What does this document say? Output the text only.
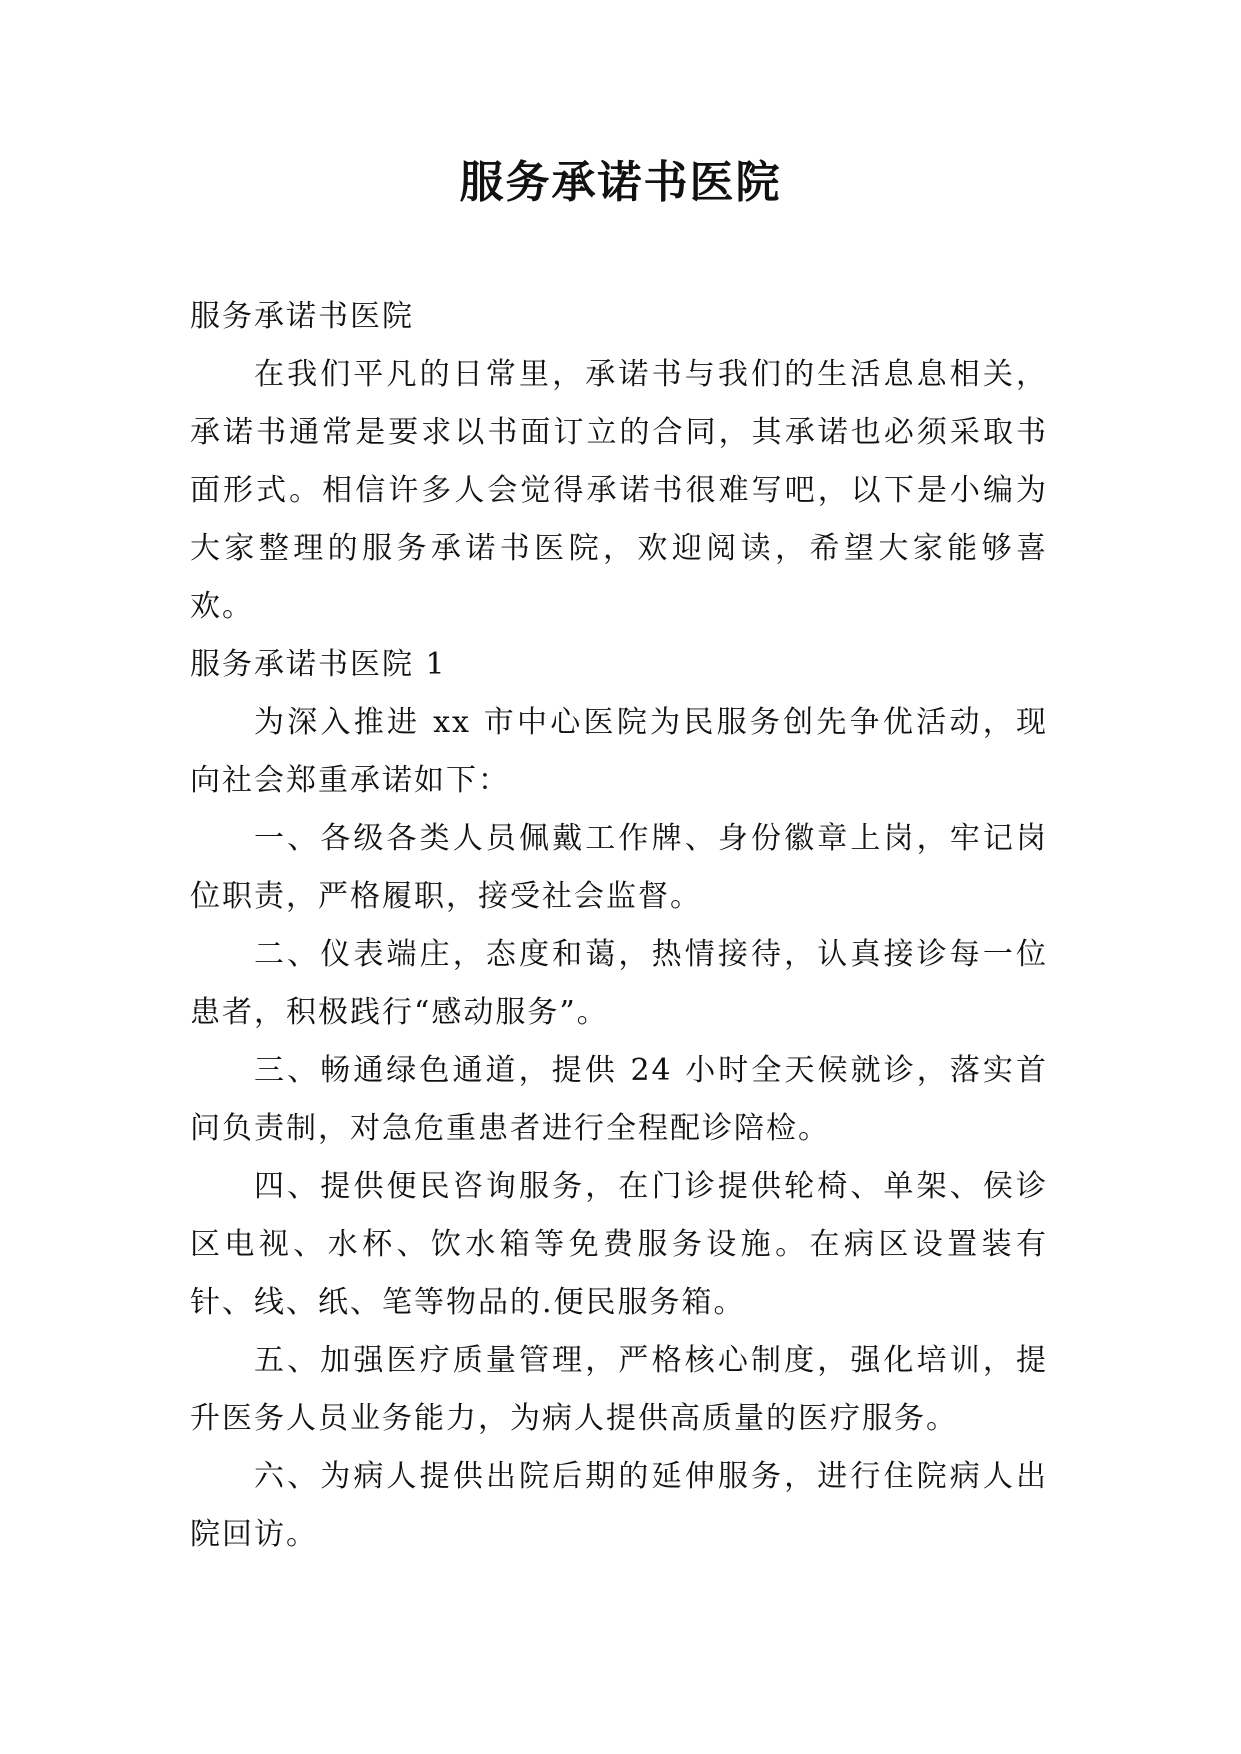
服务承诺书医院

服务承诺书医院

在我们平凡的日常里，承诺书与我们的生活息息相关，承诺书通常是要求以书面订立的合同，其承诺也必须采取书面形式。相信许多人会觉得承诺书很难写吧，以下是小编为大家整理的服务承诺书医院，欢迎阅读，希望大家能够喜欢。

服务承诺书医院 1

为深入推进 xx 市中心医院为民服务创先争优活动，现向社会郑重承诺如下：

一、各级各类人员佩戴工作牌、身份徽章上岗，牢记岗位职责，严格履职，接受社会监督。

二、仪表端庄，态度和蔼，热情接待，认真接诊每一位患者，积极践行“感动服务”。

三、畅通绿色通道，提供 24 小时全天候就诊，落实首问负责制，对急危重患者进行全程配诊陪检。

四、提供便民咨询服务，在门诊提供轮椅、单架、侯诊区电视、水杯、饮水箱等免费服务设施。在病区设置装有针、线、纸、笔等物品的.便民服务箱。

五、加强医疗质量管理，严格核心制度，强化培训，提升医务人员业务能力，为病人提供高质量的医疗服务。

六、为病人提供出院后期的延伸服务，进行住院病人出院回访。
